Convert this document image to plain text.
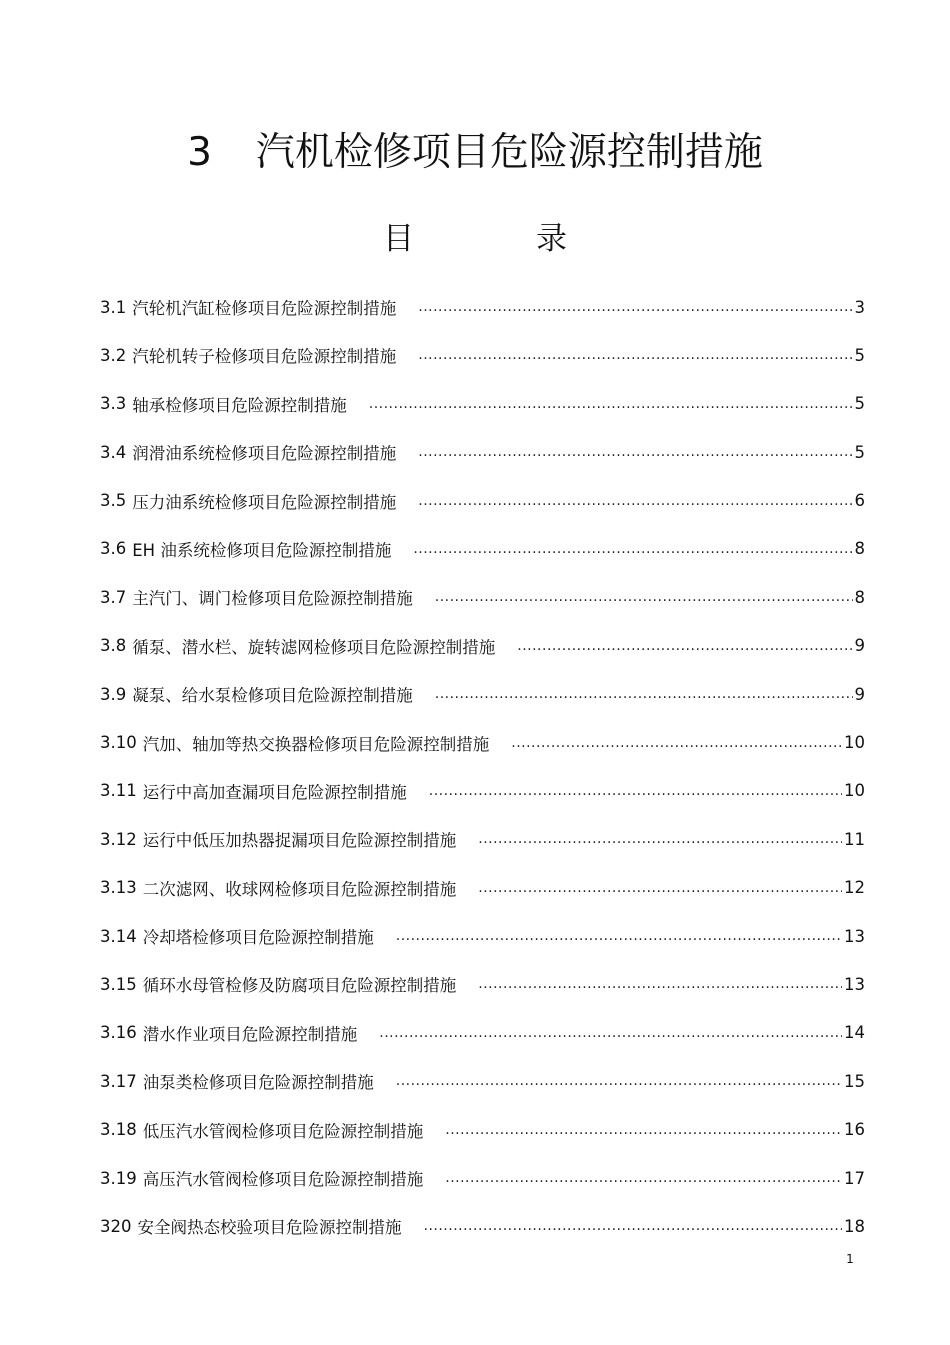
3 汽机检修项目危险源控制措施
目	录
3.1 汽轮机汽缸检修项目危险源控制措施 .....	3
3.2 汽轮机转子检修项目危险源控制措施 .....	5
3.3 轴承检修项目危险源控制措施 .....	5
3.4 润滑油系统检修项目危险源控制措施 .....	5
3.5 压力油系统检修项目危险源控制措施 .....	6
3.6 EH 油系统检修项目危险源控制措施 .....	8
3.7 主汽门、调门检修项目危险源控制措施 .....	8
3.8 循泵、潜水栏、旋转滤网检修项目危险源控制措施 .....	9
3.9 凝泵、给水泵检修项目危险源控制措施 .....	9
3.10 汽加、轴加等热交换器检修项目危险源控制措施 .....	10
3.11 运行中高加查漏项目危险源控制措施 .....	10
3.12 运行中低压加热器捉漏项目危险源控制措施 .....	11
3.13 二次滤网、收球网检修项目危险源控制措施 .....	12
3.14 冷却塔检修项目危险源控制措施 .....	13
3.15 循环水母管检修及防腐项目危险源控制措施 .....	13
3.16 潜水作业项目危险源控制措施 .....	14
3.17 油泵类检修项目危险源控制措施 .....	15
3.18 低压汽水管阀检修项目危险源控制措施 .....	16
3.19 高压汽水管阀检修项目危险源控制措施 .....	17
320 安全阀热态校验项目危险源控制措施 .....	18
1
